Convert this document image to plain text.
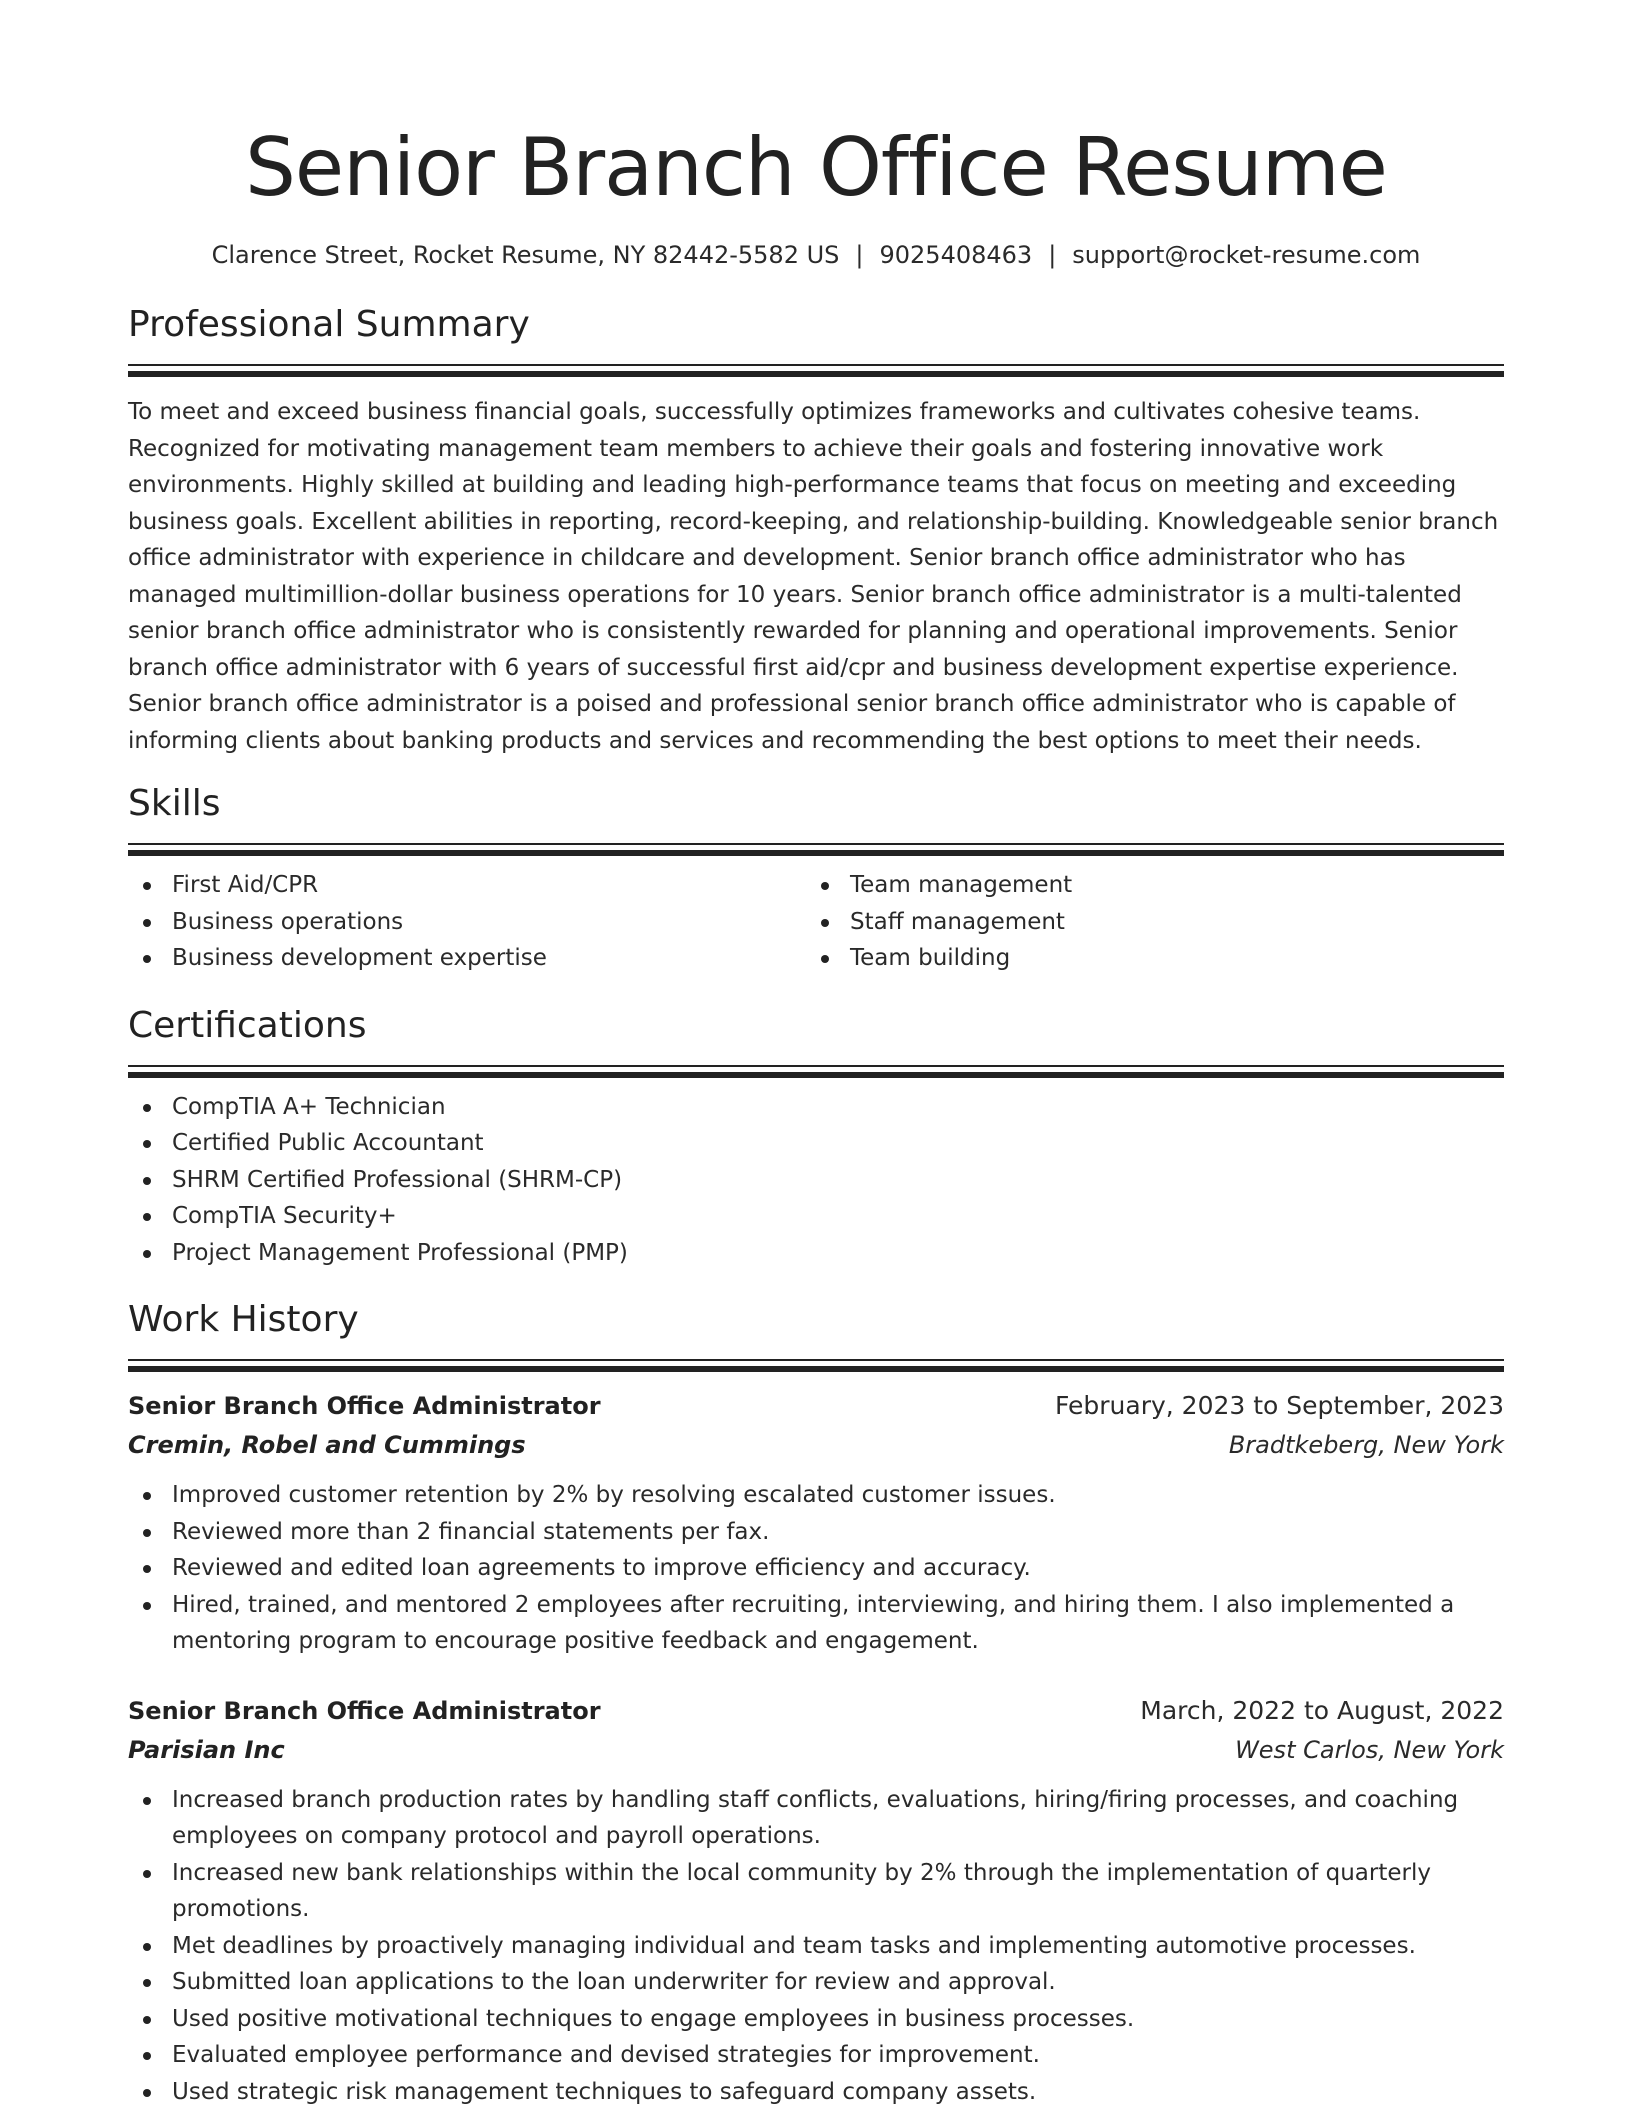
Senior Branch Office Resume
Clarence Street, Rocket Resume, NY 82442-5582 US | 9025408463 | support@rocket-resume.com
Professional Summary

To meet and exceed business financial goals, successfully optimizes frameworks and cultivates cohesive teams. Recognized for motivating management team members to achieve their goals and fostering innovative work environments. Highly skilled at building and leading high-performance teams that focus on meeting and exceeding business goals. Excellent abilities in reporting, record-keeping, and relationship-building. Knowledgeable senior branch office administrator with experience in childcare and development. Senior branch office administrator who has managed multimillion-dollar business operations for 10 years. Senior branch office administrator is a multi-talented senior branch office administrator who is consistently rewarded for planning and operational improvements. Senior branch office administrator with 6 years of successful first aid/cpr and business development expertise experience. Senior branch office administrator is a poised and professional senior branch office administrator who is capable of informing clients about banking products and services and recommending the best options to meet their needs.

Skills
First Aid/CPR
Business operations
Business development expertise
Team management
Staff management
Team building
Certifications
CompTIA A+ Technician
Certified Public Accountant
SHRM Certified Professional (SHRM-CP)
CompTIA Security+
Project Management Professional (PMP)
Work History
Senior Branch Office Administrator	February, 2023 to September, 2023
Cremin, Robel and Cummings	Bradtkeberg, New York
Improved customer retention by 2% by resolving escalated customer issues.
Reviewed more than 2 financial statements per fax.
Reviewed and edited loan agreements to improve efficiency and accuracy.
Hired, trained, and mentored 2 employees after recruiting, interviewing, and hiring them. I also implemented a mentoring program to encourage positive feedback and engagement.
Senior Branch Office Administrator	March, 2022 to August, 2022
Parisian Inc	West Carlos, New York
Increased branch production rates by handling staff conflicts, evaluations, hiring/firing processes, and coaching employees on company protocol and payroll operations.
Increased new bank relationships within the local community by 2% through the implementation of quarterly promotions.
Met deadlines by proactively managing individual and team tasks and implementing automotive processes.
Submitted loan applications to the loan underwriter for review and approval.
Used positive motivational techniques to engage employees in business processes.
Evaluated employee performance and devised strategies for improvement.
Used strategic risk management techniques to safeguard company assets.
